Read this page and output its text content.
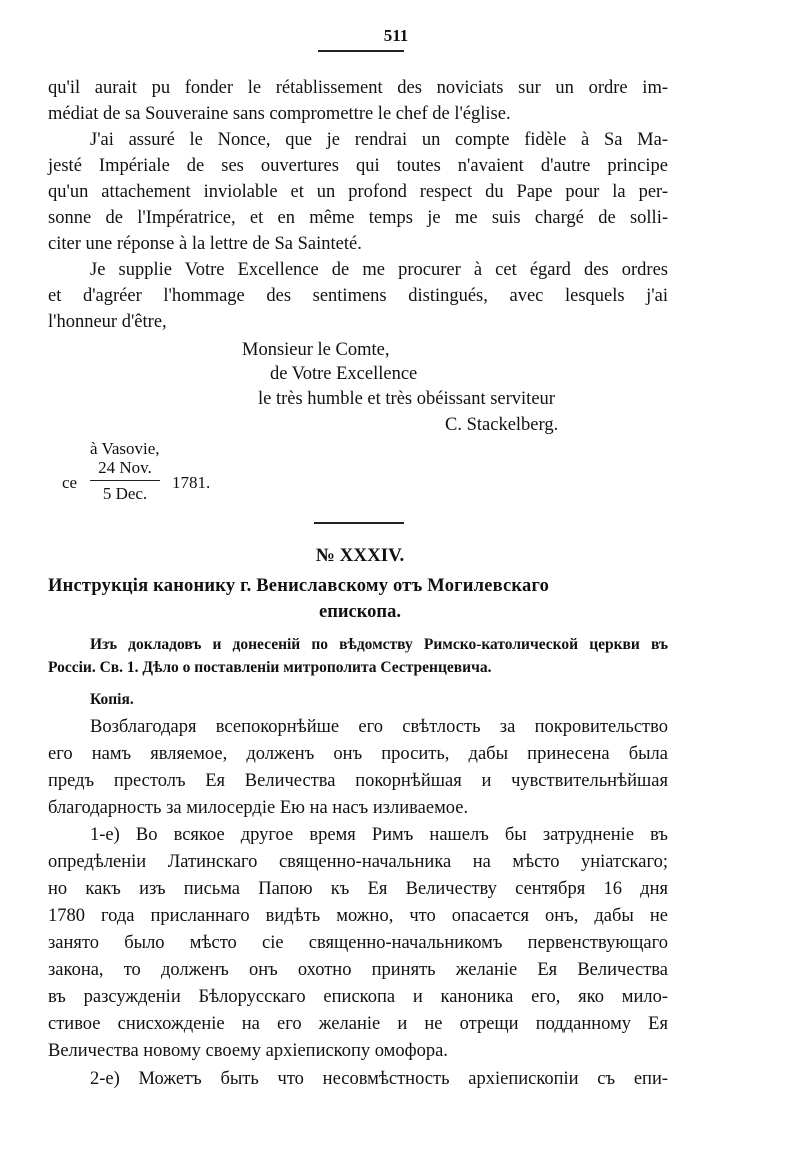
511
qu'il aurait pu fonder le rétablissement des noviciats sur un ordre im-
médiat de sa Souveraine sans compromettre le chef de l'église.
J'ai assuré le Nonce, que je rendrai un compte fidèle à Sa Ma-
jesté Impériale de ses ouvertures qui toutes n'avaient d'autre principe
qu'un attachement inviolable et un profond respect du Pape pour la per-
sonne de l'Impératrice, et en même temps je me suis chargé de solli-
citer une réponse à la lettre de Sa Sainteté.
Je supplie Votre Excellence de me procurer à cet égard des ordres
et d'agréer l'hommage des sentimens distingués, avec lesquels j'ai
l'honneur d'être,
Monsieur le Comte,
de Votre Excellence
le très humble et très obéissant serviteur
C. Stackelberg.
à Vasovie,
ce
24 Nov.
5 Dec.
1781.
№ XXXIV.
Инструкція канонику г. Вениславскому отъ Могилевскаго
епископа.
Изъ докладовъ и донесеній по вѣдомству Римско-католической церкви въ
Россіи. Св. 1. Дѣло о поставленіи митрополита Сестренцевича.
Копія.
Возблагодаря всепокорнѣйше его свѣтлость за покровительство
его намъ являемое, долженъ онъ просить, дабы принесена была
предъ престолъ Ея Величества покорнѣйшая и чувствительнѣйшая
благодарность за милосердіе Ею на насъ изливаемое.
1-е) Во всякое другое время Римъ нашелъ бы затрудненіе въ
опредѣленіи Латинскаго священно-начальника на мѣсто уніатскаго;
но какъ изъ письма Папою къ Ея Величеству сентября 16 дня
1780 года присланнаго видѣть можно, что опасается онъ, дабы не
занято было мѣсто сіе священно-начальникомъ первенствующаго
закона, то долженъ онъ охотно принять желаніе Ея Величества
въ разсужденіи Бѣлорусскаго епископа и каноника его, яко мило-
стивое снисхожденіе на его желаніе и не отрещи подданному Ея
Величества новому своему архіепископу омофора.
2-е) Можетъ быть что несовмѣстность архіепископіи съ епи-
